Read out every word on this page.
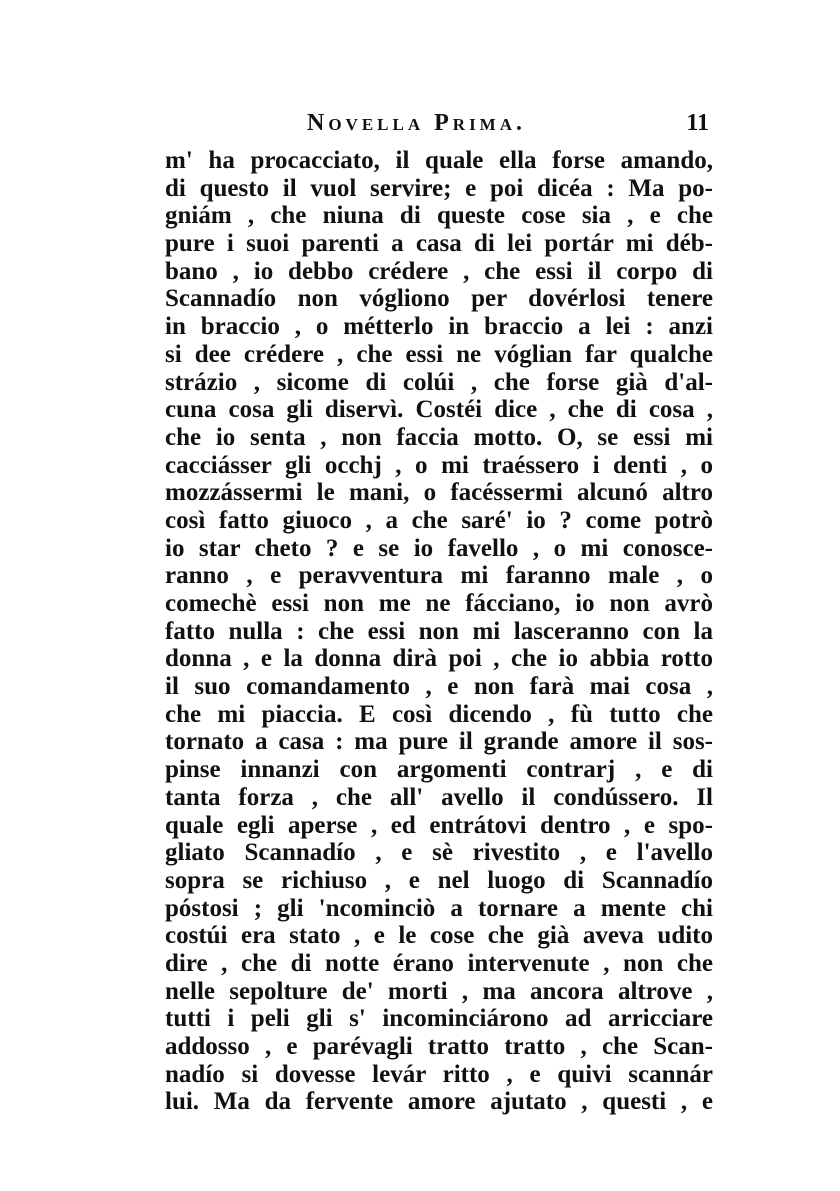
Novella Prima.	11
m' ha procacciato, il quale ella forse amando,
di questo il vuol servire; e poi dicéa : Ma po-
gniám , che niuna di queste cose sia , e che
pure i suoi parenti a casa di lei portár mi déb-
bano , io debbo crédere , che essi il corpo di
Scannadío non vógliono per dovérlosi tenere
in braccio , o métterlo in braccio a lei : anzi
si dee crédere , che essi ne vóglian far qualche
strázio , sicome di colúi , che forse già d'al-
cuna cosa gli diservì. Costéi dice , che di cosa ,
che io senta , non faccia motto. O, se essi mi
cacciásser gli occhj , o mi traéssero i denti , o
mozzássermi le mani, o facéssermi alcunó altro
così fatto giuoco , a che saré' io ? come potrò
io star cheto ? e se io favello , o mi conosce-
ranno , e peravventura mi faranno male , o
comechè essi non me ne fácciano, io non avrò
fatto nulla : che essi non mi lasceranno con la
donna , e la donna dirà poi , che io abbia rotto
il suo comandamento , e non farà mai cosa ,
che mi piaccia. E così dicendo , fù tutto che
tornato a casa : ma pure il grande amore il sos-
pinse innanzi con argomenti contrarj , e di
tanta forza , che all' avello il condússero. Il
quale egli aperse , ed entrátovi dentro , e spo-
gliato Scannadío , e sè rivestito , e l'avello
sopra se richiuso , e nel luogo di Scannadío
póstosi ; gli 'ncominciò a tornare a mente chi
costúi era stato , e le cose che già aveva udito
dire , che di notte érano intervenute , non che
nelle sepolture de' morti , ma ancora altrove ,
tutti i peli gli s' incominciárono ad arricciare
addosso , e parévagli tratto tratto , che Scan-
nadío si dovesse levár ritto , e quivi scannár
lui. Ma da fervente amore ajutato , questi , e
